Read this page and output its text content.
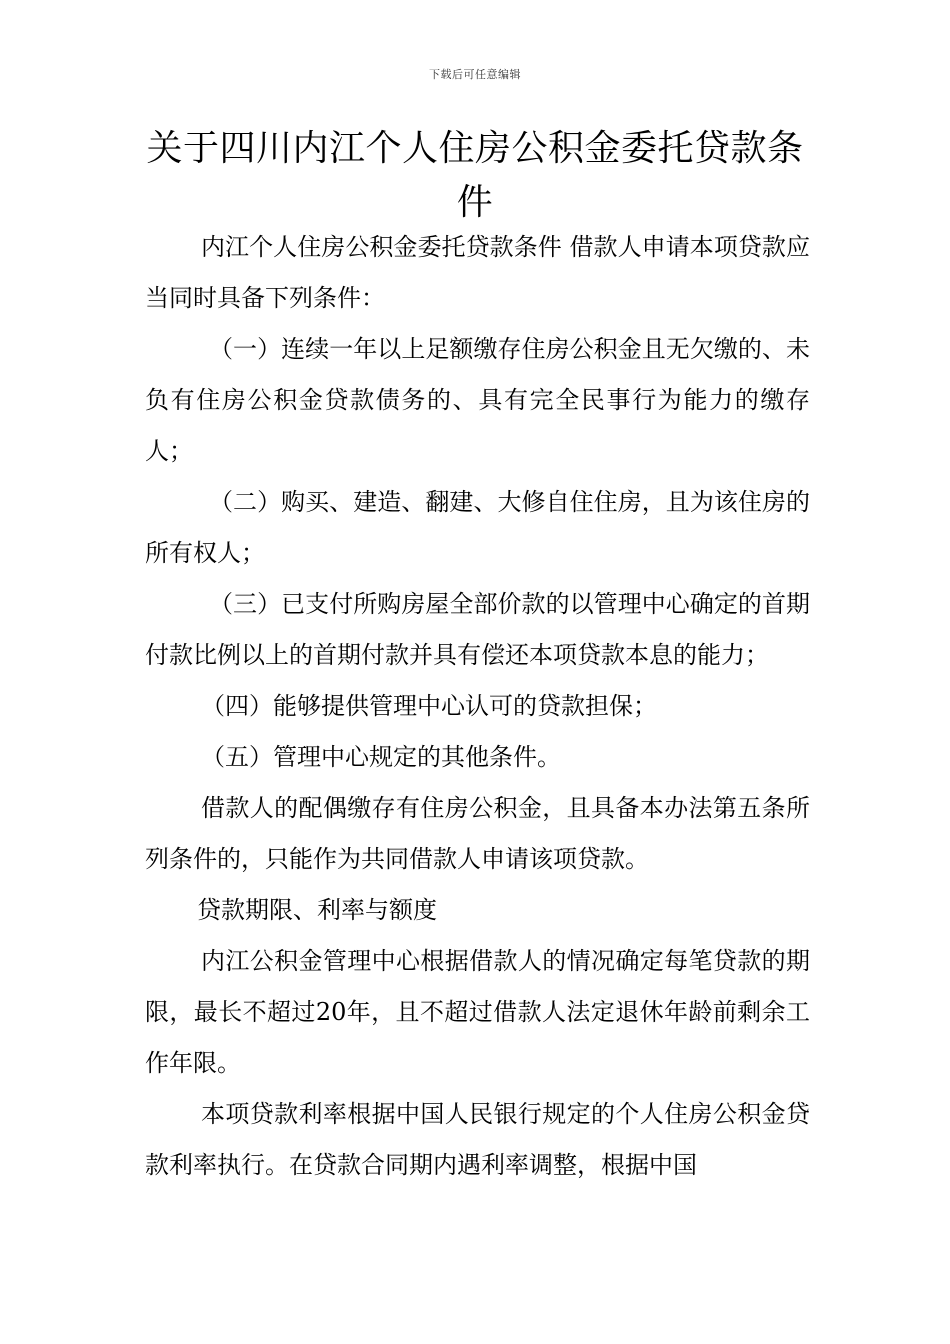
下载后可任意编辑
关于四川内江个人住房公积金委托贷款条件

内江个人住房公积金委托贷款条件 借款人申请本项贷款应当同时具备下列条件：

（一）连续一年以上足额缴存住房公积金且无欠缴的、未负有住房公积金贷款债务的、具有完全民事行为能力的缴存人；

（二）购买、建造、翻建、大修自住住房，且为该住房的所有权人；

（三）已支付所购房屋全部价款的以管理中心确定的首期付款比例以上的首期付款并具有偿还本项贷款本息的能力；

（四）能够提供管理中心认可的贷款担保；

（五）管理中心规定的其他条件。

借款人的配偶缴存有住房公积金，且具备本办法第五条所列条件的，只能作为共同借款人申请该项贷款。

贷款期限、利率与额度

内江公积金管理中心根据借款人的情况确定每笔贷款的期限，最长不超过20年，且不超过借款人法定退休年龄前剩余工作年限。

本项贷款利率根据中国人民银行规定的个人住房公积金贷款利率执行。在贷款合同期内遇利率调整，根据中国
